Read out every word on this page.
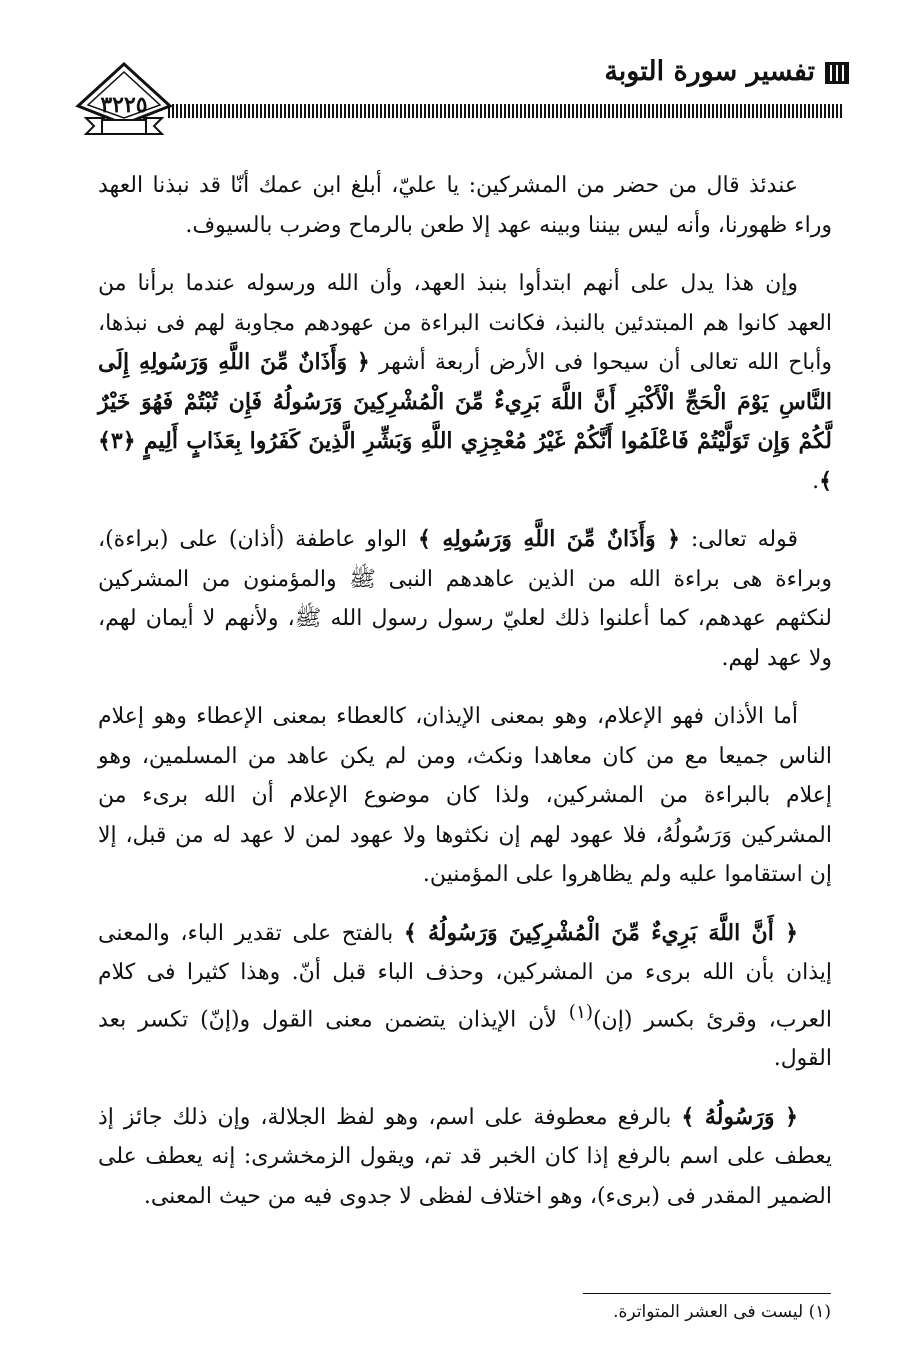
تفسير سورة التوبة
٣٢٢٥

عندئذ قال من حضر من المشركين: يا عليّ، أبلغ ابن عمك أنّا قد نبذنا العهد وراء ظهورنا، وأنه ليس بيننا وبينه عهد إلا طعن بالرماح وضرب بالسيوف.

وإن هذا يدل على أنهم ابتدأوا بنبذ العهد، وأن الله ورسوله عندما برأنا من العهد كانوا هم المبتدئين بالنبذ، فكانت البراءة من عهودهم مجاوبة لهم فى نبذها، وأباح الله تعالى أن سيحوا فى الأرض أربعة أشهر ﴿ وَأَذَانٌ مِّنَ اللَّهِ وَرَسُولِهِ إِلَى النَّاسِ يَوْمَ الْحَجِّ الْأَكْبَرِ أَنَّ اللَّهَ بَرِيءٌ مِّنَ الْمُشْرِكِينَ وَرَسُولُهُ فَإِن تُبْتُمْ فَهُوَ خَيْرٌ لَّكُمْ وَإِن تَوَلَّيْتُمْ فَاعْلَمُوا أَنَّكُمْ غَيْرُ مُعْجِزِي اللَّهِ وَبَشِّرِ الَّذِينَ كَفَرُوا بِعَذَابٍ أَلِيمٍ ﴿٣﴾ ﴾.

قوله تعالى: ﴿ وَأَذَانٌ مِّنَ اللَّهِ وَرَسُولِهِ ﴾ الواو عاطفة (أذان) على (براءة)، وبراءة هى براءة الله من الذين عاهدهم النبى ﷺ والمؤمنون من المشركين لنكثهم عهدهم، كما أعلنوا ذلك لعليّ رسول رسول الله ﷺ، ولأنهم لا أيمان لهم، ولا عهد لهم.

أما الأذان فهو الإعلام، وهو بمعنى الإيذان، كالعطاء بمعنى الإعطاء وهو إعلام الناس جميعا مع من كان معاهدا ونكث، ومن لم يكن عاهد من المسلمين، وهو إعلام بالبراءة من المشركين، ولذا كان موضوع الإعلام أن الله برىء من المشركين وَرَسُولُهُ، فلا عهود لهم إن نكثوها ولا عهود لمن لا عهد له من قبل، إلا إن استقاموا عليه ولم يظاهروا على المؤمنين.

﴿ أَنَّ اللَّهَ بَرِيءٌ مِّنَ الْمُشْرِكِينَ وَرَسُولُهُ ﴾ بالفتح على تقدير الباء، والمعنى إيذان بأن الله برىء من المشركين، وحذف الباء قبل أنّ. وهذا كثيرا فى كلام العرب، وقرئ بكسر (إن)$^{(١)}$ لأن الإيذان يتضمن معنى القول و(إنّ) تكسر بعد القول.

﴿ وَرَسُولُهُ ﴾ بالرفع معطوفة على اسم، وهو لفظ الجلالة، وإن ذلك جائز إذ يعطف على اسم بالرفع إذا كان الخبر قد تم، ويقول الزمخشرى: إنه يعطف على الضمير المقدر فى (برىء)، وهو اختلاف لفظى لا جدوى فيه من حيث المعنى.

(١) ليست فى العشر المتواترة.
